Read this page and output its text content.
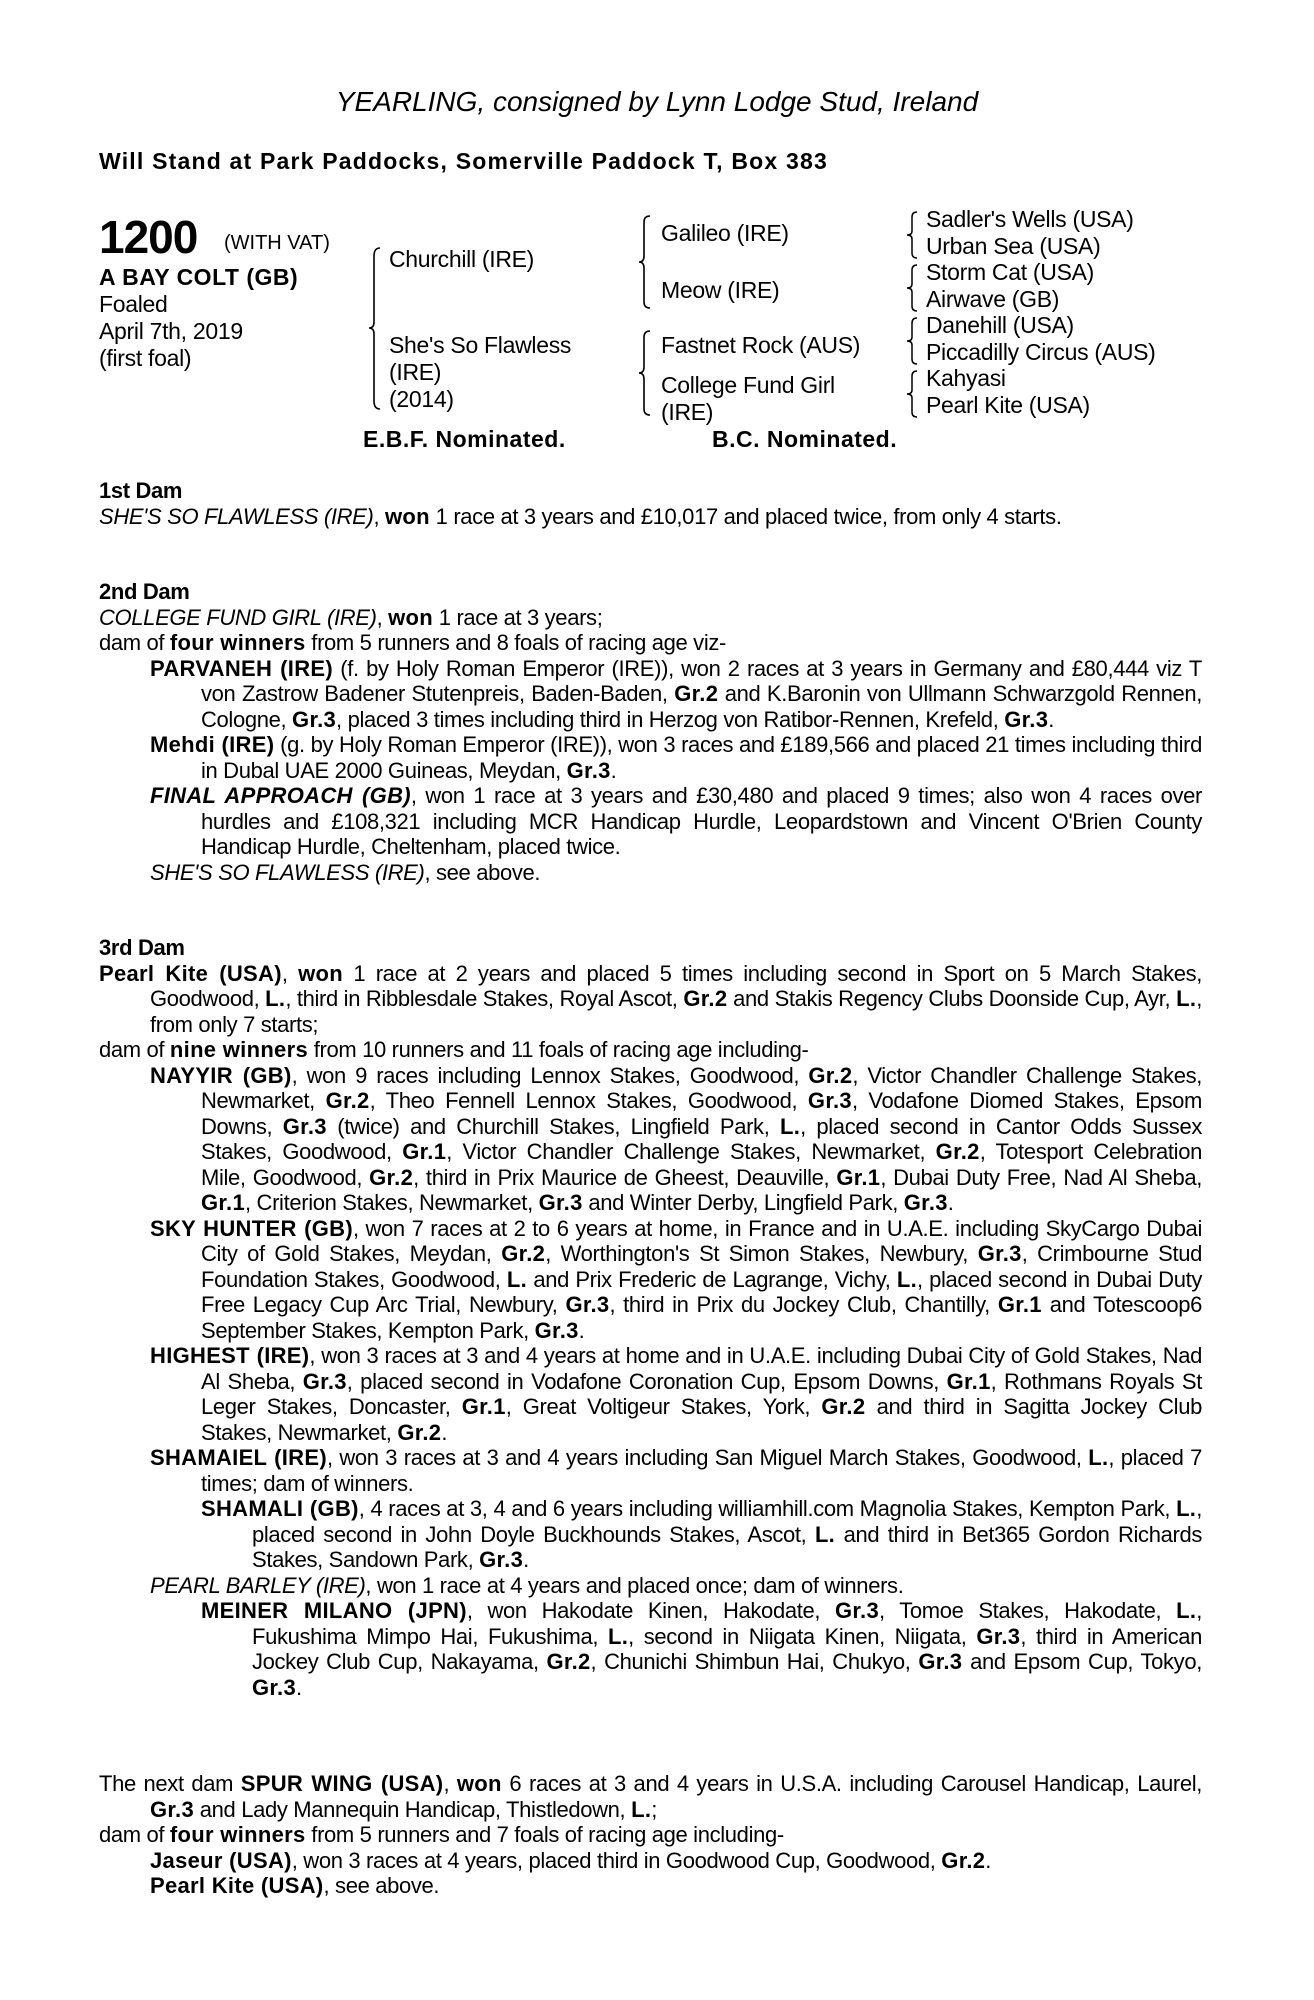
YEARLING, consigned by Lynn Lodge Stud, Ireland
Will Stand at Park Paddocks, Somerville Paddock T, Box 383
1200 (WITH VAT)
A BAY COLT (GB)
Foaled
April 7th, 2019
(first foal)
Churchill (IRE)
She's So Flawless
(IRE)
(2014)
Galileo (IRE)
Meow (IRE)
Fastnet Rock (AUS)
College Fund Girl
(IRE)
Sadler's Wells (USA)
Urban Sea (USA)
Storm Cat (USA)
Airwave (GB)
Danehill (USA)
Piccadilly Circus (AUS)
Kahyasi
Pearl Kite (USA)
E.B.F. Nominated.	B.C. Nominated.
1st Dam
SHE'S SO FLAWLESS (IRE), won 1 race at 3 years and £10,017 and placed twice, from only 4 starts.
2nd Dam
COLLEGE FUND GIRL (IRE), won 1 race at 3 years;
dam of four winners from 5 runners and 8 foals of racing age viz-
PARVANEH (IRE) (f. by Holy Roman Emperor (IRE)), won 2 races at 3 years in Germany and £80,444 viz T von Zastrow Badener Stutenpreis, Baden-Baden, Gr.2 and K.Baronin von Ullmann Schwarzgold Rennen, Cologne, Gr.3, placed 3 times including third in Herzog von Ratibor-Rennen, Krefeld, Gr.3.
Mehdi (IRE) (g. by Holy Roman Emperor (IRE)), won 3 races and £189,566 and placed 21 times including third in Dubal UAE 2000 Guineas, Meydan, Gr.3.
FINAL APPROACH (GB), won 1 race at 3 years and £30,480 and placed 9 times; also won 4 races over hurdles and £108,321 including MCR Handicap Hurdle, Leopardstown and Vincent O'Brien County Handicap Hurdle, Cheltenham, placed twice.
SHE'S SO FLAWLESS (IRE), see above.
3rd Dam
Pearl Kite (USA), won 1 race at 2 years and placed 5 times including second in Sport on 5 March Stakes, Goodwood, L., third in Ribblesdale Stakes, Royal Ascot, Gr.2 and Stakis Regency Clubs Doonside Cup, Ayr, L., from only 7 starts;
dam of nine winners from 10 runners and 11 foals of racing age including-
NAYYIR (GB), won 9 races including Lennox Stakes, Goodwood, Gr.2, Victor Chandler Challenge Stakes, Newmarket, Gr.2, Theo Fennell Lennox Stakes, Goodwood, Gr.3, Vodafone Diomed Stakes, Epsom Downs, Gr.3 (twice) and Churchill Stakes, Lingfield Park, L., placed second in Cantor Odds Sussex Stakes, Goodwood, Gr.1, Victor Chandler Challenge Stakes, Newmarket, Gr.2, Totesport Celebration Mile, Goodwood, Gr.2, third in Prix Maurice de Gheest, Deauville, Gr.1, Dubai Duty Free, Nad Al Sheba, Gr.1, Criterion Stakes, Newmarket, Gr.3 and Winter Derby, Lingfield Park, Gr.3.
SKY HUNTER (GB), won 7 races at 2 to 6 years at home, in France and in U.A.E. including SkyCargo Dubai City of Gold Stakes, Meydan, Gr.2, Worthington's St Simon Stakes, Newbury, Gr.3, Crimbourne Stud Foundation Stakes, Goodwood, L. and Prix Frederic de Lagrange, Vichy, L., placed second in Dubai Duty Free Legacy Cup Arc Trial, Newbury, Gr.3, third in Prix du Jockey Club, Chantilly, Gr.1 and Totescoop6 September Stakes, Kempton Park, Gr.3.
HIGHEST (IRE), won 3 races at 3 and 4 years at home and in U.A.E. including Dubai City of Gold Stakes, Nad Al Sheba, Gr.3, placed second in Vodafone Coronation Cup, Epsom Downs, Gr.1, Rothmans Royals St Leger Stakes, Doncaster, Gr.1, Great Voltigeur Stakes, York, Gr.2 and third in Sagitta Jockey Club Stakes, Newmarket, Gr.2.
SHAMAIEL (IRE), won 3 races at 3 and 4 years including San Miguel March Stakes, Goodwood, L., placed 7 times; dam of winners.
SHAMALI (GB), 4 races at 3, 4 and 6 years including williamhill.com Magnolia Stakes, Kempton Park, L., placed second in John Doyle Buckhounds Stakes, Ascot, L. and third in Bet365 Gordon Richards Stakes, Sandown Park, Gr.3.
PEARL BARLEY (IRE), won 1 race at 4 years and placed once; dam of winners.
MEINER MILANO (JPN), won Hakodate Kinen, Hakodate, Gr.3, Tomoe Stakes, Hakodate, L., Fukushima Mimpo Hai, Fukushima, L., second in Niigata Kinen, Niigata, Gr.3, third in American Jockey Club Cup, Nakayama, Gr.2, Chunichi Shimbun Hai, Chukyo, Gr.3 and Epsom Cup, Tokyo, Gr.3.
The next dam SPUR WING (USA), won 6 races at 3 and 4 years in U.S.A. including Carousel Handicap, Laurel, Gr.3 and Lady Mannequin Handicap, Thistledown, L.;
dam of four winners from 5 runners and 7 foals of racing age including-
Jaseur (USA), won 3 races at 4 years, placed third in Goodwood Cup, Goodwood, Gr.2.
Pearl Kite (USA), see above.
